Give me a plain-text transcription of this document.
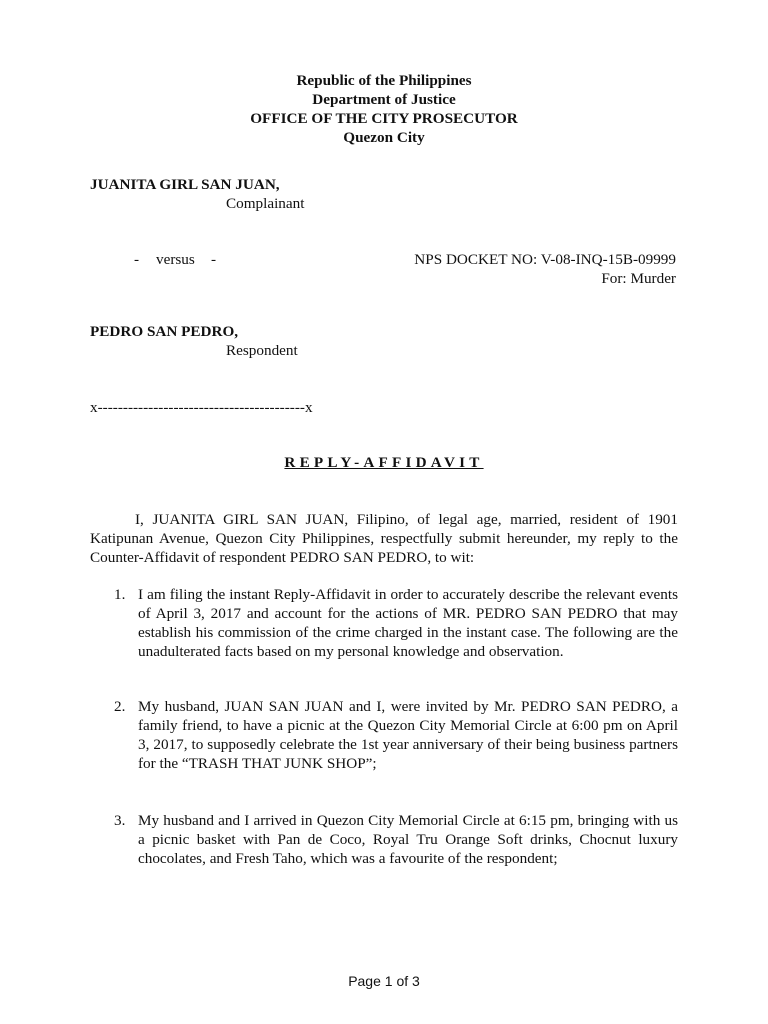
Republic of the Philippines
Department of Justice
OFFICE OF THE CITY PROSECUTOR
Quezon City
JUANITA GIRL SAN JUAN,
Complainant
- versus -	NPS DOCKET NO: V-08-INQ-15B-09999
For: Murder
PEDRO SAN PEDRO,
Respondent
x-----------------------------------------x
REPLY-AFFIDAVIT

I, JUANITA GIRL SAN JUAN, Filipino, of legal age, married, resident of 1901 Katipunan Avenue, Quezon City Philippines, respectfully submit hereunder, my reply to the Counter-Affidavit of respondent PEDRO SAN PEDRO, to wit:

1. I am filing the instant Reply-Affidavit in order to accurately describe the relevant events of April 3, 2017 and account for the actions of MR. PEDRO SAN PEDRO that may establish his commission of the crime charged in the instant case. The following are the unadulterated facts based on my personal knowledge and observation.
2. My husband, JUAN SAN JUAN and I, were invited by Mr. PEDRO SAN PEDRO, a family friend, to have a picnic at the Quezon City Memorial Circle at 6:00 pm on April 3, 2017, to supposedly celebrate the 1st year anniversary of their being business partners for the “TRASH THAT JUNK SHOP”;
3. My husband and I arrived in Quezon City Memorial Circle at 6:15 pm, bringing with us a picnic basket with Pan de Coco, Royal Tru Orange Soft drinks, Chocnut luxury chocolates, and Fresh Taho, which was a favourite of the respondent;
Page 1 of 3
